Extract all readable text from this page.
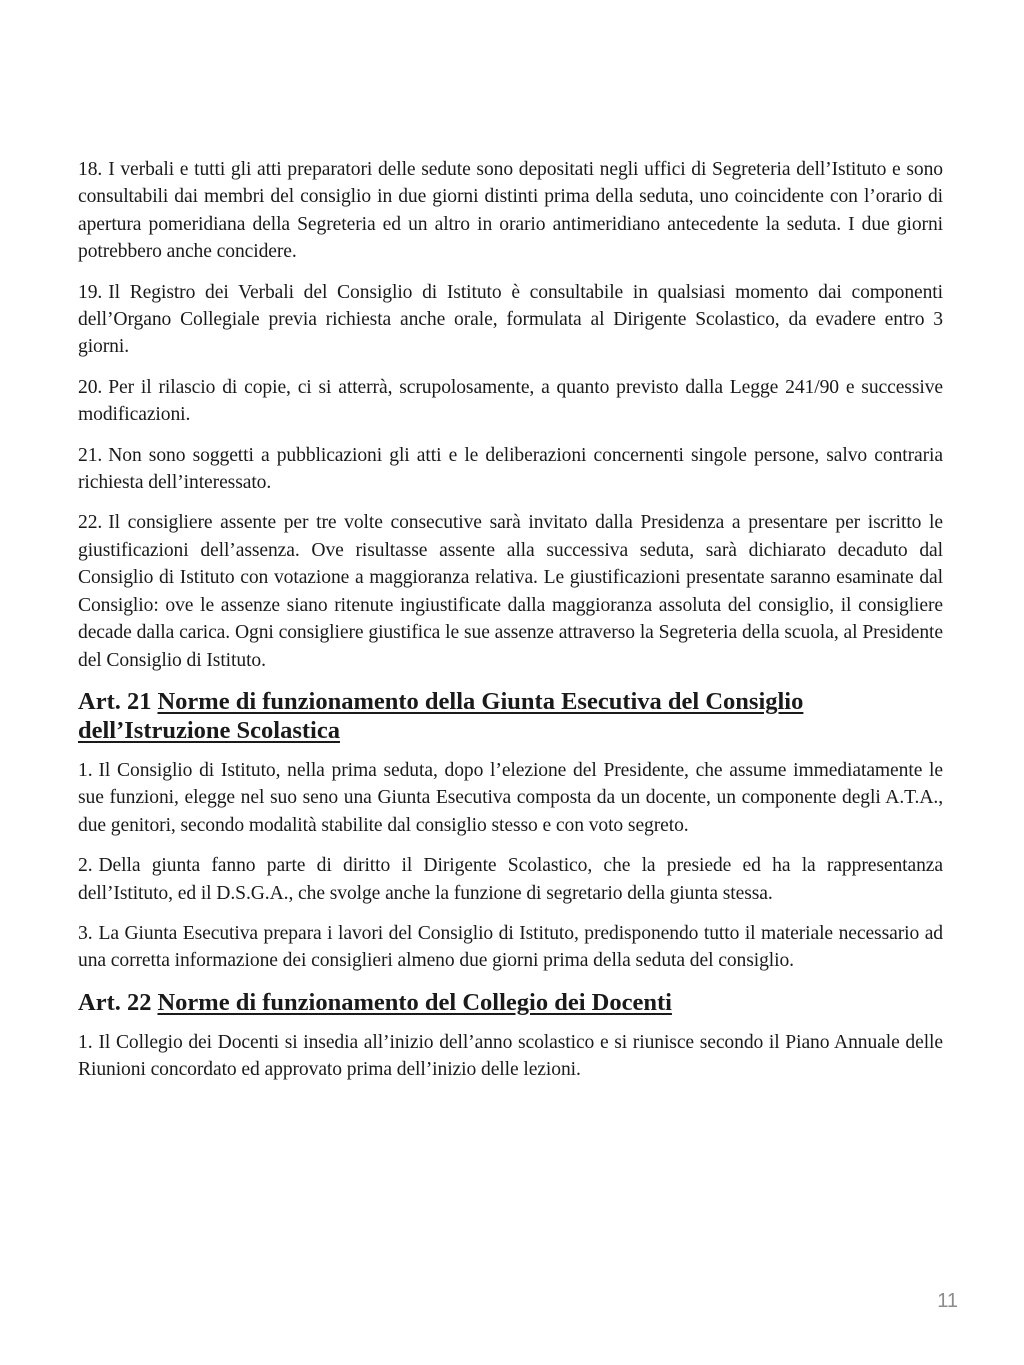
18. I verbali e tutti gli atti preparatori delle sedute sono depositati negli uffici di Segreteria dell’Istituto e sono consultabili dai membri del consiglio in due giorni distinti prima della seduta, uno coincidente con l’orario di apertura pomeridiana della Segreteria ed un altro in orario antimeridiano antecedente la seduta. I due giorni potrebbero anche concidere.

19. Il Registro dei Verbali del Consiglio di Istituto è consultabile in qualsiasi momento dai componenti dell’Organo Collegiale previa richiesta anche orale, formulata al Dirigente Scolastico, da evadere entro 3 giorni.

20. Per il rilascio di copie, ci si atterrà, scrupolosamente, a quanto previsto dalla Legge 241/90 e successive modificazioni.

21. Non sono soggetti a pubblicazioni gli atti e le deliberazioni concernenti singole persone, salvo contraria richiesta dell’interessato.

22. Il consigliere assente per tre volte consecutive sarà invitato dalla Presidenza a presentare per iscritto le giustificazioni dell’assenza. Ove risultasse assente alla successiva seduta, sarà dichiarato decaduto dal Consiglio di Istituto con votazione a maggioranza relativa. Le giustificazioni presentate saranno esaminate dal Consiglio: ove le assenze siano ritenute ingiustificate dalla maggioranza assoluta del consiglio, il consigliere decade dalla carica. Ogni consigliere giustifica le sue assenze attraverso la Segreteria della scuola, al Presidente del Consiglio di Istituto.

Art. 21 Norme di funzionamento della Giunta Esecutiva del Consiglio dell’Istruzione Scolastica

1. Il Consiglio di Istituto, nella prima seduta, dopo l’elezione del Presidente, che assume immediatamente le sue funzioni, elegge nel suo seno una Giunta Esecutiva composta da un docente, un componente degli A.T.A., due genitori, secondo modalità stabilite dal consiglio stesso e con voto segreto.

2. Della giunta fanno parte di diritto il Dirigente Scolastico, che la presiede ed ha la rappresentanza dell’Istituto, ed il D.S.G.A., che svolge anche la funzione di segretario della giunta stessa.

3. La Giunta Esecutiva prepara i lavori del Consiglio di Istituto, predisponendo tutto il materiale necessario ad una corretta informazione dei consiglieri almeno due giorni prima della seduta del consiglio.

Art. 22 Norme di funzionamento del Collegio dei Docenti

1. Il Collegio dei Docenti si insedia all’inizio dell’anno scolastico e si riunisce secondo il Piano Annuale delle Riunioni concordato ed approvato prima dell’inizio delle lezioni.

11
